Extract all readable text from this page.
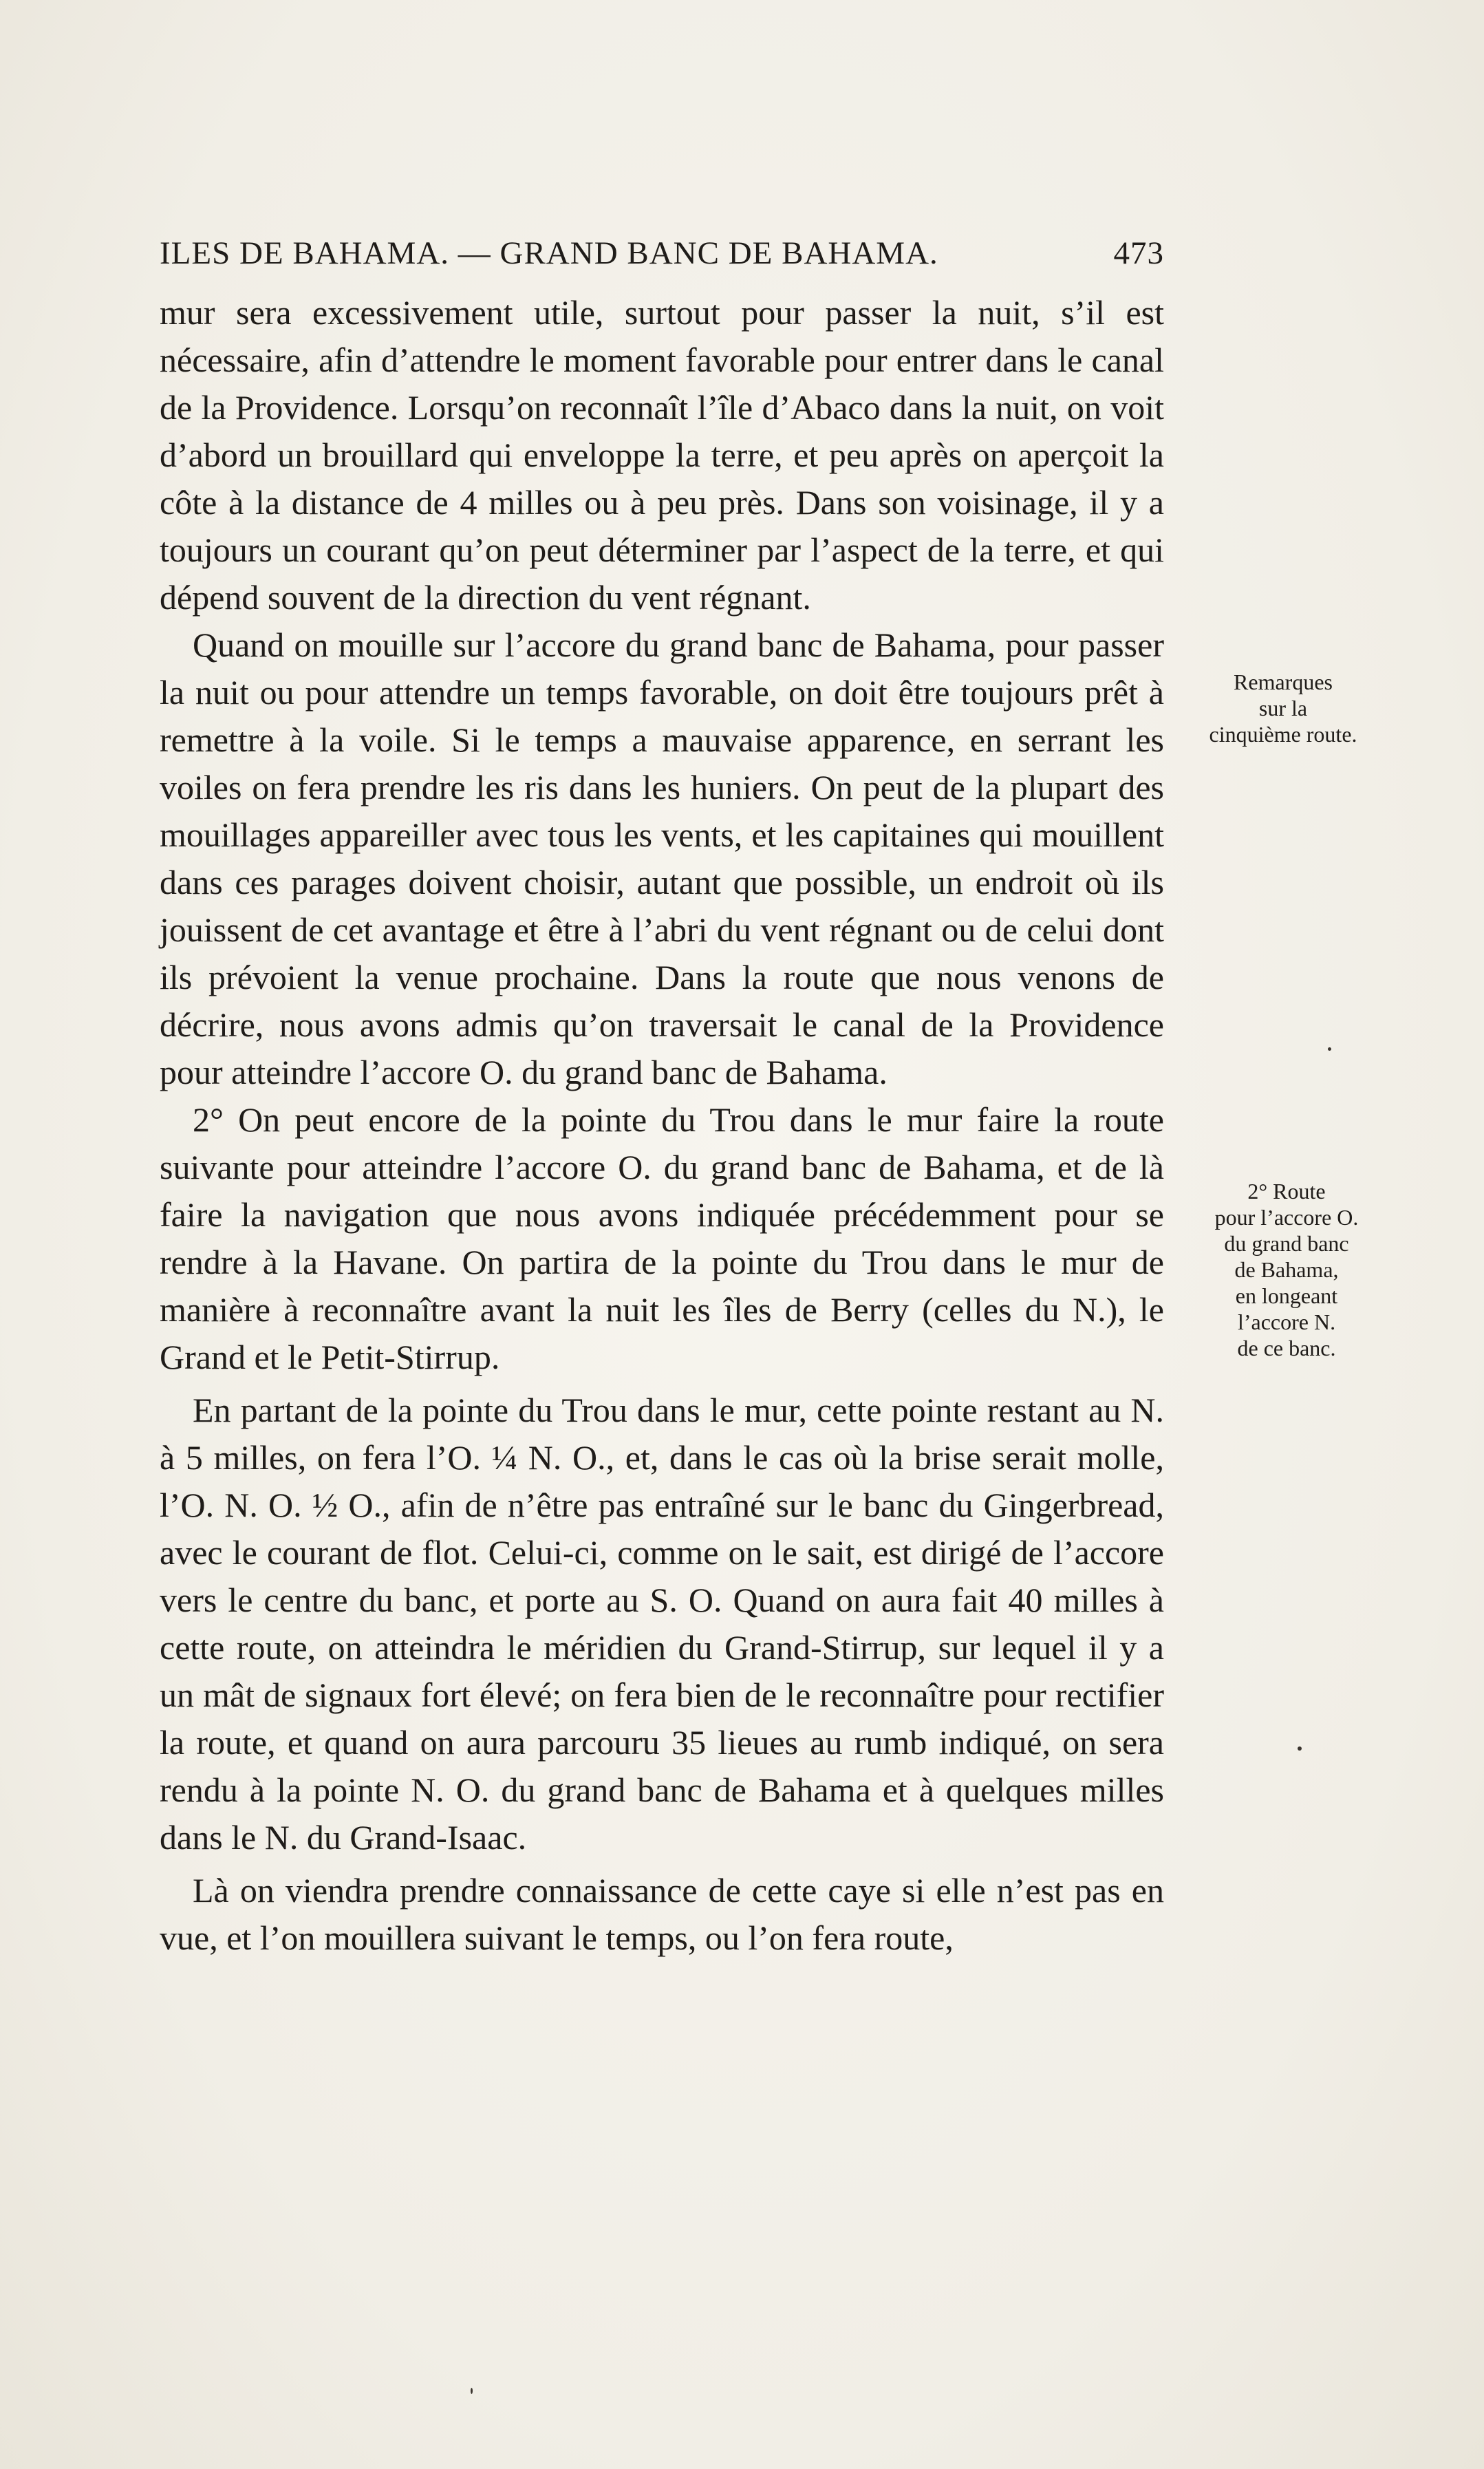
ILES DE BAHAMA. — GRAND BANC DE BAHAMA.	473

mur sera excessivement utile, surtout pour passer la nuit, s’il est nécessaire, afin d’attendre le moment favorable pour entrer dans le canal de la Providence. Lorsqu’on reconnaît l’île d’Abaco dans la nuit, on voit d’abord un brouillard qui enveloppe la terre, et peu après on aperçoit la côte à la distance de 4 milles ou à peu près. Dans son voisinage, il y a toujours un courant qu’on peut déterminer par l’aspect de la terre, et qui dépend souvent de la direction du vent régnant.

Quand on mouille sur l’accore du grand banc de Bahama, pour passer la nuit ou pour attendre un temps favorable, on doit être toujours prêt à remettre à la voile. Si le temps a mauvaise apparence, en serrant les voiles on fera prendre les ris dans les huniers. On peut de la plupart des mouillages appareiller avec tous les vents, et les capitaines qui mouillent dans ces parages doivent choisir, autant que possible, un endroit où ils jouissent de cet avantage et être à l’abri du vent régnant ou de celui dont ils prévoient la venue prochaine. Dans la route que nous venons de décrire, nous avons admis qu’on traversait le canal de la Providence pour atteindre l’accore O. du grand banc de Bahama.

2° On peut encore de la pointe du Trou dans le mur faire la route suivante pour atteindre l’accore O. du grand banc de Bahama, et de là faire la navigation que nous avons indiquée précédemment pour se rendre à la Havane. On partira de la pointe du Trou dans le mur de manière à reconnaître avant la nuit les îles de Berry (celles du N.), le Grand et le Petit-Stirrup.

En partant de la pointe du Trou dans le mur, cette pointe restant au N. à 5 milles, on fera l’O. ¼ N. O., et, dans le cas où la brise serait molle, l’O. N. O. ½ O., afin de n’être pas entraîné sur le banc du Gingerbread, avec le courant de flot. Celui-ci, comme on le sait, est dirigé de l’accore vers le centre du banc, et porte au S. O. Quand on aura fait 40 milles à cette route, on atteindra le méridien du Grand-Stirrup, sur lequel il y a un mât de signaux fort élevé; on fera bien de le reconnaître pour rectifier la route, et quand on aura parcouru 35 lieues au rumb indiqué, on sera rendu à la pointe N. O. du grand banc de Bahama et à quelques milles dans le N. du Grand-Isaac.

Là on viendra prendre connaissance de cette caye si elle n’est pas en vue, et l’on mouillera suivant le temps, ou l’on fera route,

Remarques
sur la
cinquième route.
2° Route
pour l’accore O.
du grand banc
de Bahama,
en longeant
l’accore N.
de ce banc.
